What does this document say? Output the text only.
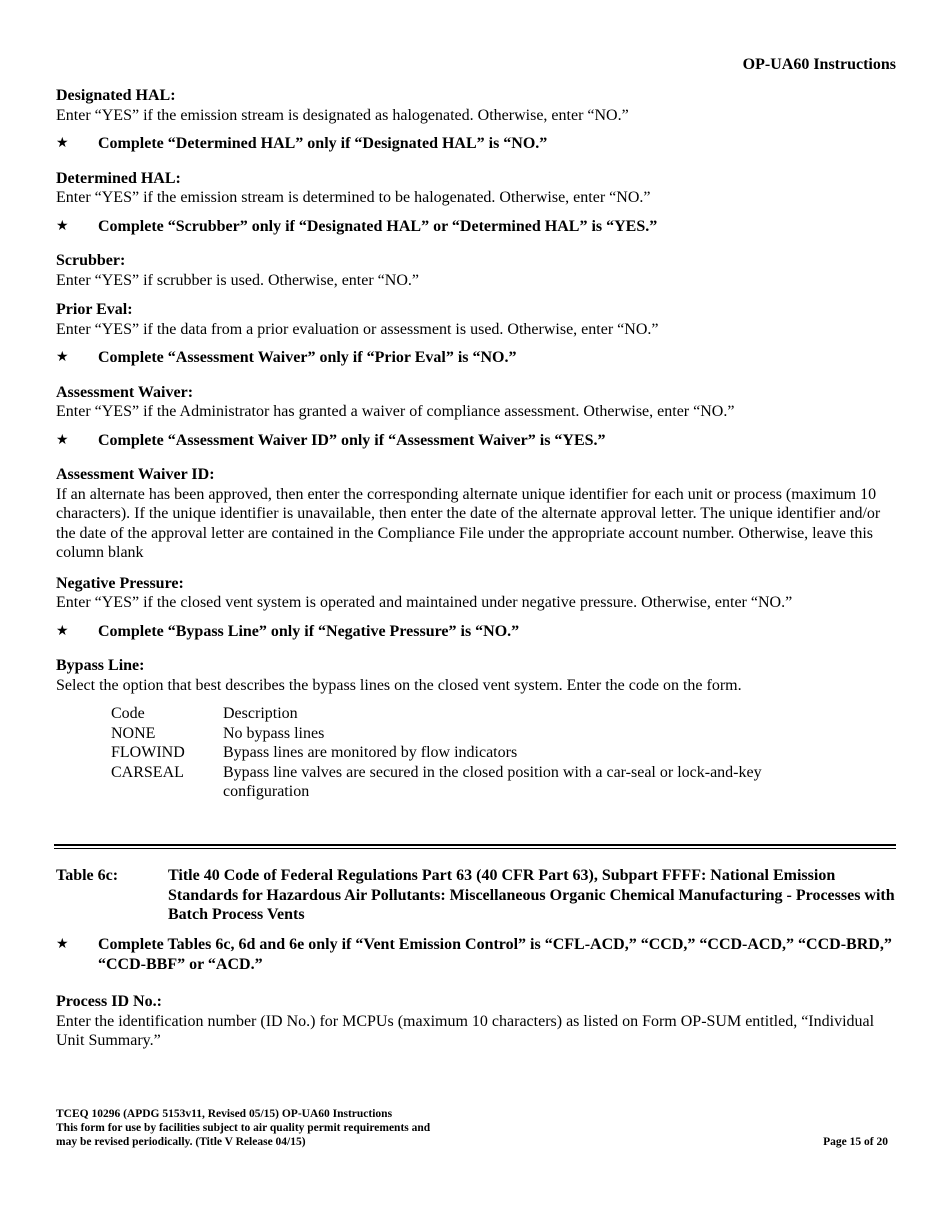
OP-UA60 Instructions
Designated HAL:
Enter “YES” if the emission stream is designated as halogenated. Otherwise, enter “NO.”
★ Complete “Determined HAL” only if “Designated HAL” is “NO.”
Determined HAL:
Enter “YES” if the emission stream is determined to be halogenated. Otherwise, enter “NO.”
★ Complete “Scrubber” only if “Designated HAL” or “Determined HAL” is “YES.”
Scrubber:
Enter “YES” if scrubber is used. Otherwise, enter “NO.”
Prior Eval:
Enter “YES” if the data from a prior evaluation or assessment is used. Otherwise, enter “NO.”
★ Complete “Assessment Waiver” only if “Prior Eval” is “NO.”
Assessment Waiver:
Enter “YES” if the Administrator has granted a waiver of compliance assessment. Otherwise, enter “NO.”
★ Complete “Assessment Waiver ID” only if “Assessment Waiver” is “YES.”
Assessment Waiver ID:
If an alternate has been approved, then enter the corresponding alternate unique identifier for each unit or process (maximum 10 characters). If the unique identifier is unavailable, then enter the date of the alternate approval letter. The unique identifier and/or the date of the approval letter are contained in the Compliance File under the appropriate account number. Otherwise, leave this column blank
Negative Pressure:
Enter “YES” if the closed vent system is operated and maintained under negative pressure. Otherwise, enter “NO.”
★ Complete “Bypass Line” only if “Negative Pressure” is “NO.”
Bypass Line:
Select the option that best describes the bypass lines on the closed vent system. Enter the code on the form.
Code	Description
NONE	No bypass lines
FLOWIND	Bypass lines are monitored by flow indicators
CARSEAL	Bypass line valves are secured in the closed position with a car-seal or lock-and-key configuration
Table 6c:	Title 40 Code of Federal Regulations Part 63 (40 CFR Part 63), Subpart FFFF: National Emission Standards for Hazardous Air Pollutants: Miscellaneous Organic Chemical Manufacturing - Processes with Batch Process Vents
★ Complete Tables 6c, 6d and 6e only if “Vent Emission Control” is “CFL-ACD,” “CCD,” “CCD-ACD,” “CCD-BRD,” “CCD-BBF” or “ACD.”
Process ID No.:
Enter the identification number (ID No.) for MCPUs (maximum 10 characters) as listed on Form OP-SUM entitled, “Individual Unit Summary.”
TCEQ 10296 (APDG 5153v11, Revised 05/15) OP-UA60 Instructions
This form for use by facilities subject to air quality permit requirements and
may be revised periodically. (Title V Release 04/15)	Page 15 of 20
